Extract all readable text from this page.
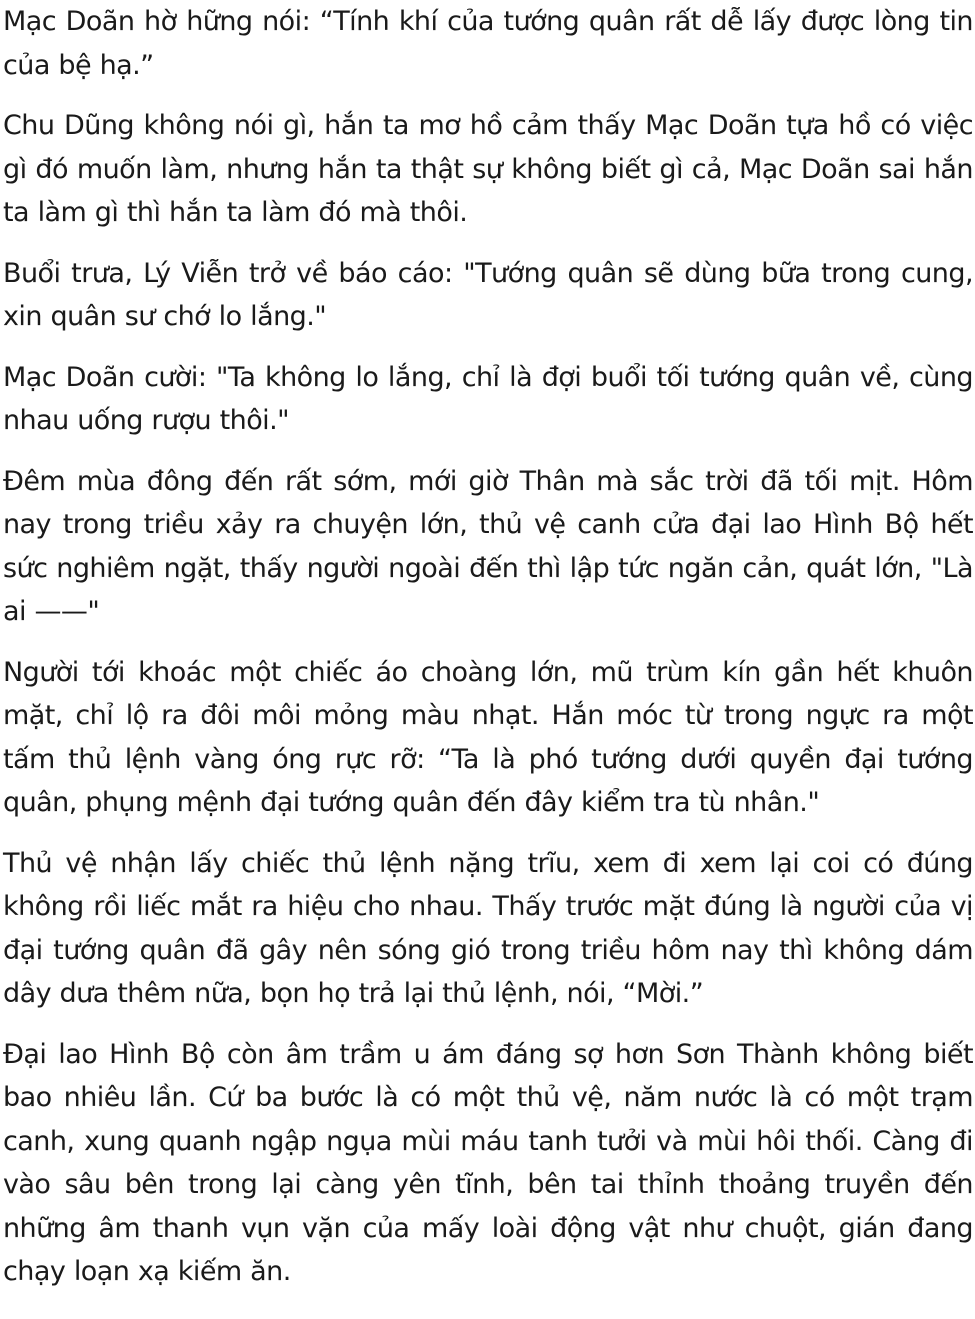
Mạc Doãn hờ hững nói: “Tính khí của tướng quân rất dễ lấy được lòng tin của bệ hạ.”

Chu Dũng không nói gì, hắn ta mơ hồ cảm thấy Mạc Doãn tựa hồ có việc gì đó muốn làm, nhưng hắn ta thật sự không biết gì cả, Mạc Doãn sai hắn ta làm gì thì hắn ta làm đó mà thôi.

Buổi trưa, Lý Viễn trở về báo cáo: "Tướng quân sẽ dùng bữa trong cung, xin quân sư chớ lo lắng."

Mạc Doãn cười: "Ta không lo lắng, chỉ là đợi buổi tối tướng quân về, cùng nhau uống rượu thôi."

Đêm mùa đông đến rất sớm, mới giờ Thân mà sắc trời đã tối mịt. Hôm nay trong triều xảy ra chuyện lớn, thủ vệ canh cửa đại lao Hình Bộ hết sức nghiêm ngặt, thấy người ngoài đến thì lập tức ngăn cản, quát lớn, "Là ai ——"

Người tới khoác một chiếc áo choàng lớn, mũ trùm kín gần hết khuôn mặt, chỉ lộ ra đôi môi mỏng màu nhạt. Hắn móc từ trong ngực ra một tấm thủ lệnh vàng óng rực rỡ: “Ta là phó tướng dưới quyền đại tướng quân, phụng mệnh đại tướng quân đến đây kiểm tra tù nhân."

Thủ vệ nhận lấy chiếc thủ lệnh nặng trĩu, xem đi xem lại coi có đúng không rồi liếc mắt ra hiệu cho nhau. Thấy trước mặt đúng là người của vị đại tướng quân đã gây nên sóng gió trong triều hôm nay thì không dám dây dưa thêm nữa, bọn họ trả lại thủ lệnh, nói, “Mời.”

Đại lao Hình Bộ còn âm trầm u ám đáng sợ hơn Sơn Thành không biết bao nhiêu lần. Cứ ba bước là có một thủ vệ, năm nước là có một trạm canh, xung quanh ngập ngụa mùi máu tanh tưởi và mùi hôi thối. Càng đi vào sâu bên trong lại càng yên tĩnh, bên tai thỉnh thoảng truyền đến những âm thanh vụn vặn của mấy loài động vật như chuột, gián đang chạy loạn xạ kiếm ăn.
